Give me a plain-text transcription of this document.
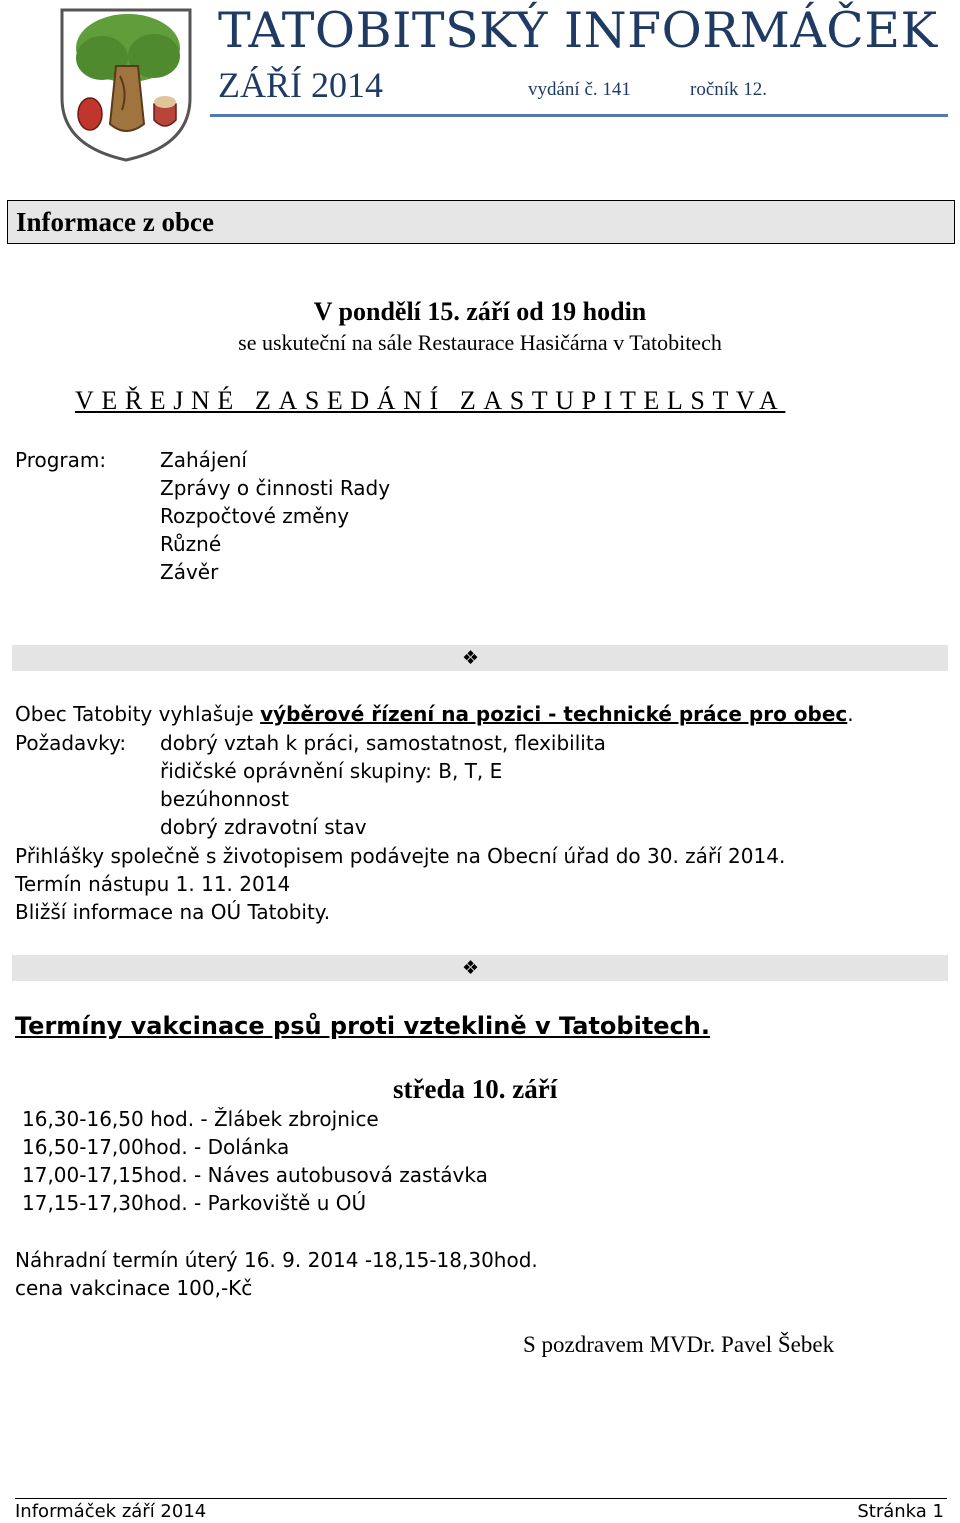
TATOBITSKÝ INFORMÁČEK
ZÁŘÍ 2014	vydání č. 141	ročník 12.
Informace z obce
V pondělí 15. září od 19 hodin
se uskuteční na sále Restaurace Hasičárna v Tatobitech
VEŘEJNÉ ZASEDÁNÍ ZASTUPITELSTVA
Program:	Zahájení
Zprávy o činnosti Rady
Rozpočtové změny
Různé
Závěr
❖
Obec Tatobity vyhlašuje výběrové řízení na pozici - technické práce pro obec.
Požadavky: dobrý vztah k práci, samostatnost, flexibilita
řidičské oprávnění skupiny: B, T, E
bezúhonnost
dobrý zdravotní stav
Přihlášky společně s životopisem podávejte na Obecní úřad do 30. září 2014.
Termín nástupu 1. 11. 2014
Bližší informace na OÚ Tatobity.
❖
Termíny vakcinace psů proti vzteklině v Tatobitech.
středa 10. září
16,30-16,50 hod. - Žlábek zbrojnice
16,50-17,00hod. - Dolánka
17,00-17,15hod. - Náves autobusová zastávka
17,15-17,30hod. - Parkoviště u OÚ
Náhradní termín úterý 16. 9. 2014 -18,15-18,30hod.
cena vakcinace 100,-Kč
S pozdravem MVDr. Pavel Šebek
Informáček září 2014	Stránka 1
